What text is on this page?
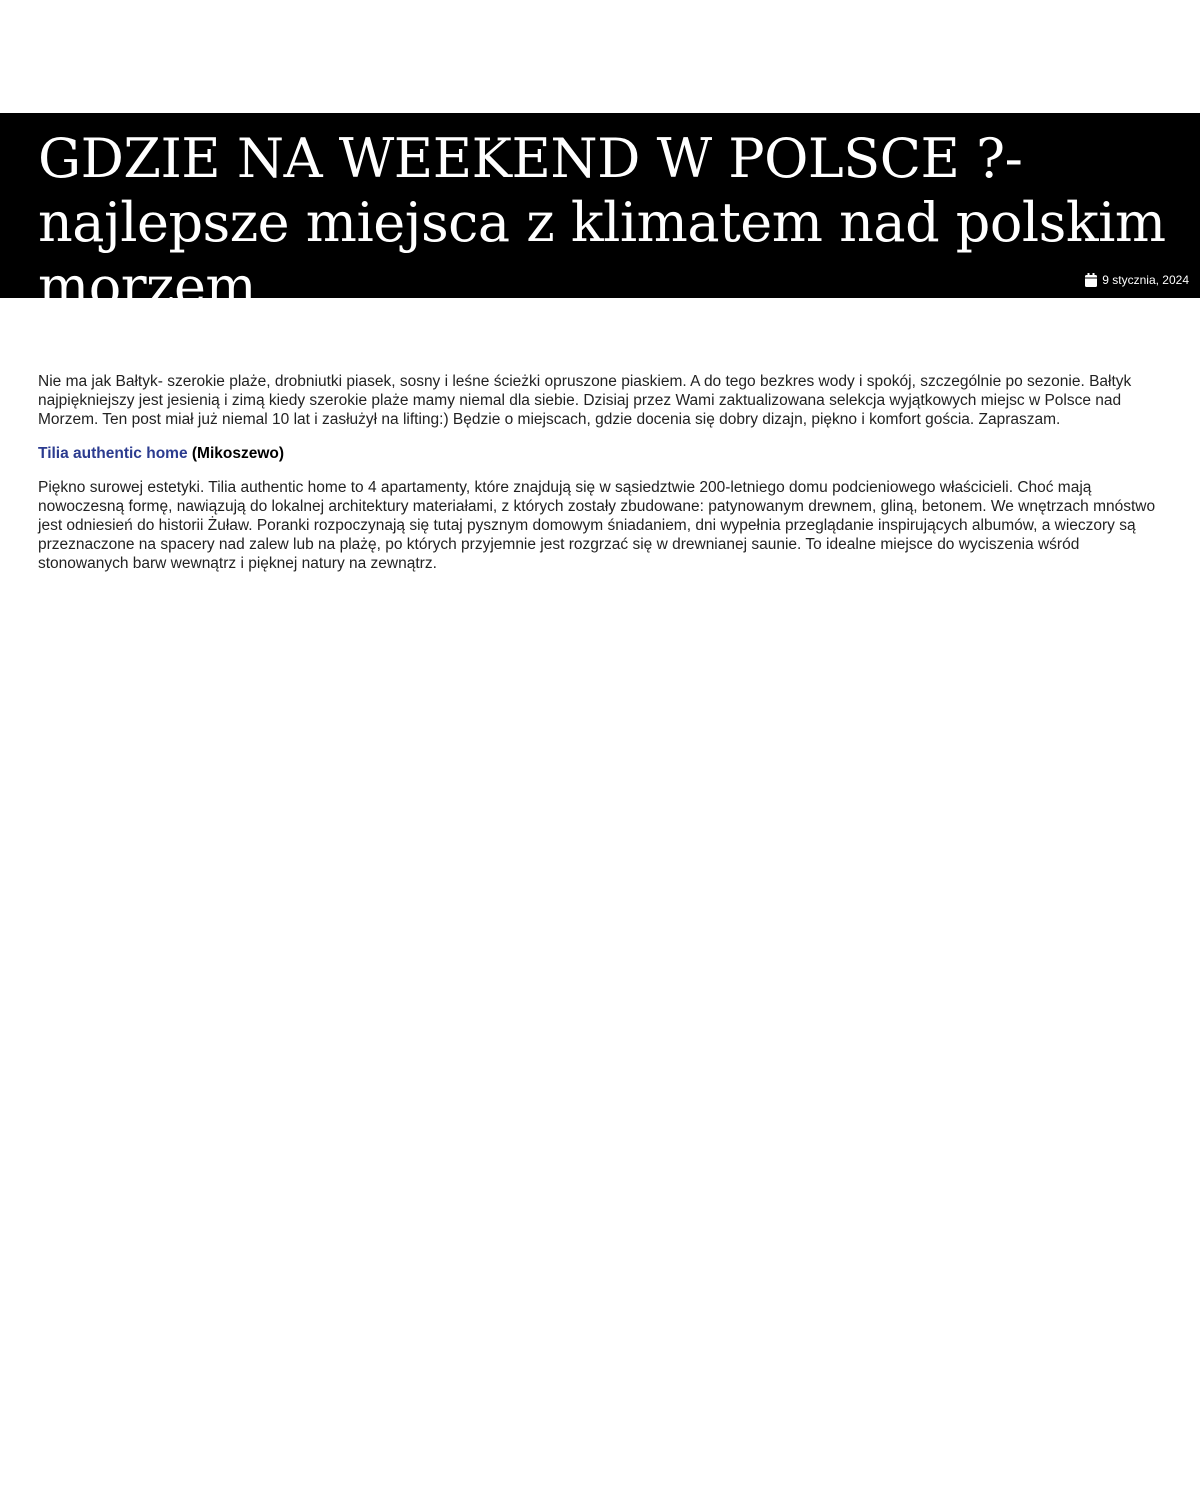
GDZIE NA WEEKEND W POLSCE ?- najlepsze miejsca z klimatem nad polskim morzem	9 stycznia, 2024

Nie ma jak Bałtyk- szerokie plaże, drobniutki piasek, sosny i leśne ścieżki opruszone piaskiem. A do tego bezkres wody i spokój, szczególnie po sezonie. Bałtyk najpiękniejszy jest jesienią i zimą kiedy szerokie plaże mamy niemal dla siebie. Dzisiaj przez Wami zaktualizowana selekcja wyjątkowych miejsc w Polsce nad Morzem. Ten post miał już niemal 10 lat i zasłużył na lifting:) Będzie o miejscach, gdzie docenia się dobry dizajn, piękno i komfort gościa. Zapraszam.

Tilia authentic home (Mikoszewo)

Piękno surowej estetyki. Tilia authentic home to 4 apartamenty, które znajdują się w sąsiedztwie 200-letniego domu podcieniowego właścicieli. Choć mają nowoczesną formę, nawiązują do lokalnej architektury materiałami, z których zostały zbudowane: patynowanym drewnem, gliną, betonem. We wnętrzach mnóstwo jest odniesień do historii Żuław. Poranki rozpoczynają się tutaj pysznym domowym śniadaniem, dni wypełnia przeglądanie inspirujących albumów, a wieczory są przeznaczone na spacery nad zalew lub na plażę, po których przyjemnie jest rozgrzać się w drewnianej saunie. To idealne miejsce do wyciszenia wśród stonowanych barw wewnątrz i pięknej natury na zewnątrz.
